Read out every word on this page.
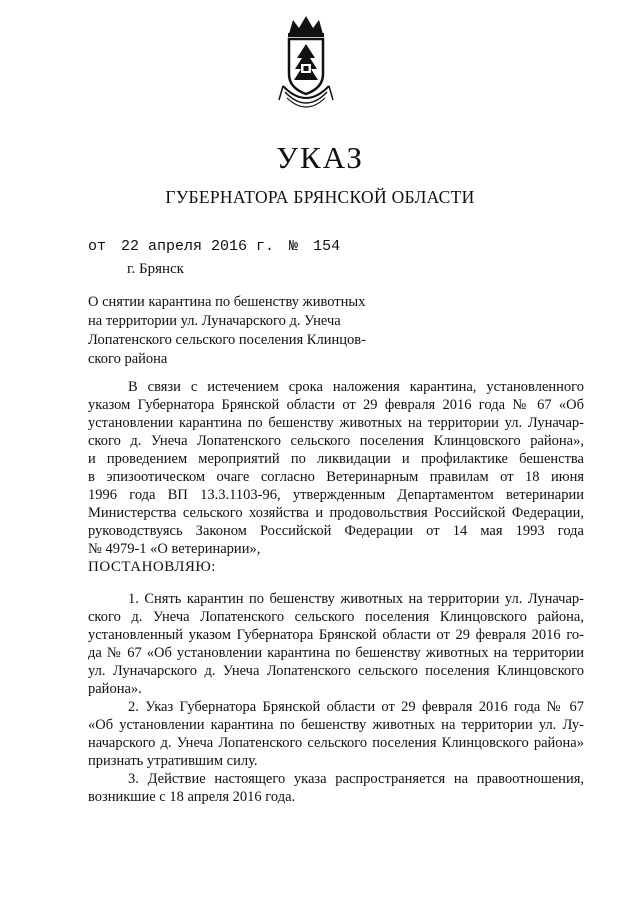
УКАЗ
ГУБЕРНАТОРА БРЯНСКОЙ ОБЛАСТИ
от 22 апреля 2016 г. № 154
г. Брянск
О снятии карантина по бешенству животных
на территории ул. Луначарского д. Унеча
Лопатенского сельского поселения Клинцов-
ского района
В связи с истечением срока наложения карантина, установленного
указом Губернатора Брянской области от 29 февраля 2016 года № 67 «Об
установлении карантина по бешенству животных на территории ул. Луначар-
ского д. Унеча Лопатенского сельского поселения Клинцовского района»,
и проведением мероприятий по ликвидации и профилактике бешенства
в эпизоотическом очаге согласно Ветеринарным правилам от 18 июня
1996 года ВП 13.3.1103-96, утвержденным Департаментом ветеринарии
Министерства сельского хозяйства и продовольствия Российской Федерации,
руководствуясь Законом Российской Федерации от 14 мая 1993 года
№ 4979-1 «О ветеринарии»,
ПОСТАНОВЛЯЮ:
1. Снять карантин по бешенству животных на территории ул. Луначар-
ского д. Унеча Лопатенского сельского поселения Клинцовского района,
установленный указом Губернатора Брянской области от 29 февраля 2016 го-
да № 67 «Об установлении карантина по бешенству животных на территории
ул. Луначарского д. Унеча Лопатенского сельского поселения Клинцовского
района».
2. Указ Губернатора Брянской области от 29 февраля 2016 года № 67
«Об установлении карантина по бешенству животных на территории ул. Лу-
начарского д. Унеча Лопатенского сельского поселения Клинцовского района»
признать утратившим силу.
3. Действие настоящего указа распространяется на правоотношения,
возникшие с 18 апреля 2016 года.
